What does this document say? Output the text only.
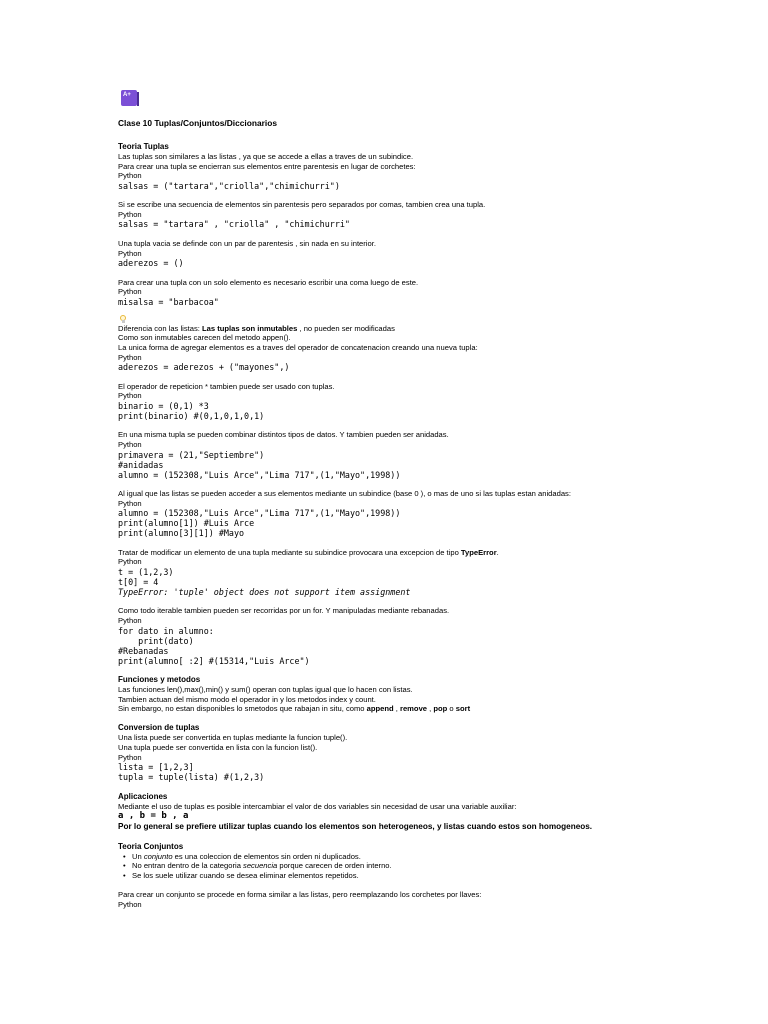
A+
Clase 10 Tuplas/Conjuntos/Diccionarios
Teoria Tuplas
Las tuplas son similares a las listas , ya que se accede a ellas a traves de un subindice.
Para crear una tupla se encierran sus elementos entre parentesis en lugar de corchetes:
Python
salsas = ("tartara","criolla","chimichurri")
Si se escribe una secuencia de elementos sin parentesis pero separados por comas, tambien crea una tupla.
Python
salsas = "tartara" , "criolla" , "chimichurri"
Una tupla vacia se definde con un par de parentesis , sin nada en su interior.
Python
aderezos = ()
Para crear una tupla con un solo elemento es necesario escribir una coma luego de este.
Python
misalsa = "barbacoa"
Diferencia con las listas: Las tuplas son inmutables , no pueden ser modificadas
Como son inmutables carecen del metodo appen().
La unica forma de agregar elementos es a traves del operador de concatenacion creando una nueva tupla:
Python
aderezos = aderezos + ("mayones",)
El operador de repeticion * tambien puede ser usado con tuplas.
Python
binario = (0,1) *3
print(binario) #(0,1,0,1,0,1)
En una misma tupla se pueden combinar distintos tipos de datos. Y tambien pueden ser anidadas.
Python
primavera = (21,"Septiembre")
#anidadas
alumno = (152308,"Luis Arce","Lima 717",(1,"Mayo",1998))
Al igual que las listas se pueden acceder a sus elementos mediante un subindice (base 0 ), o mas de uno si las tuplas estan anidadas:
Python
alumno = (152308,"Luis Arce","Lima 717",(1,"Mayo",1998))
print(alumno[1]) #Luis Arce
print(alumno[3][1]) #Mayo
Tratar de modificar un elemento de una tupla mediante su subindice provocara una excepcion de tipo TypeError.
Python
t = (1,2,3)
t[0] = 4
TypeError: 'tuple' object does not support item assignment
Como todo iterable tambien pueden ser recorridas por un for. Y manipuladas mediante rebanadas.
Python
for dato in alumno:
print(dato)
#Rebanadas
print(alumno[ :2] #(15314,"Luis Arce")
Funciones y metodos
Las funciones len(),max(),min() y sum() operan con tuplas igual que lo hacen con listas.
Tambien actuan del mismo modo el operador in y los metodos index y count.
Sin embargo, no estan disponibles lo smetodos que rabajan in situ, como append , remove , pop o sort
Conversion de tuplas
Una lista puede ser convertida en tuplas mediante la funcion tuple().
Una tupla puede ser convertida en lista con la funcion list().
Python
lista = [1,2,3]
tupla = tuple(lista) #(1,2,3)
Aplicaciones
Mediante el uso de tuplas es posible intercambiar el valor de dos variables sin necesidad de usar una variable auxiliar:
a , b = b , a
Por lo general se prefiere utilizar tuplas cuando los elementos son heterogeneos, y listas cuando estos son homogeneos.
Teoria Conjuntos
• Un conjunto es una coleccion de elementos sin orden ni duplicados.
• No entran dentro de la categoria secuencia porque carecen de orden interno.
• Se los suele utilizar cuando se desea eliminar elementos repetidos.
Para crear un conjunto se procede en forma similar a las listas, pero reemplazando los corchetes por llaves:
Python
